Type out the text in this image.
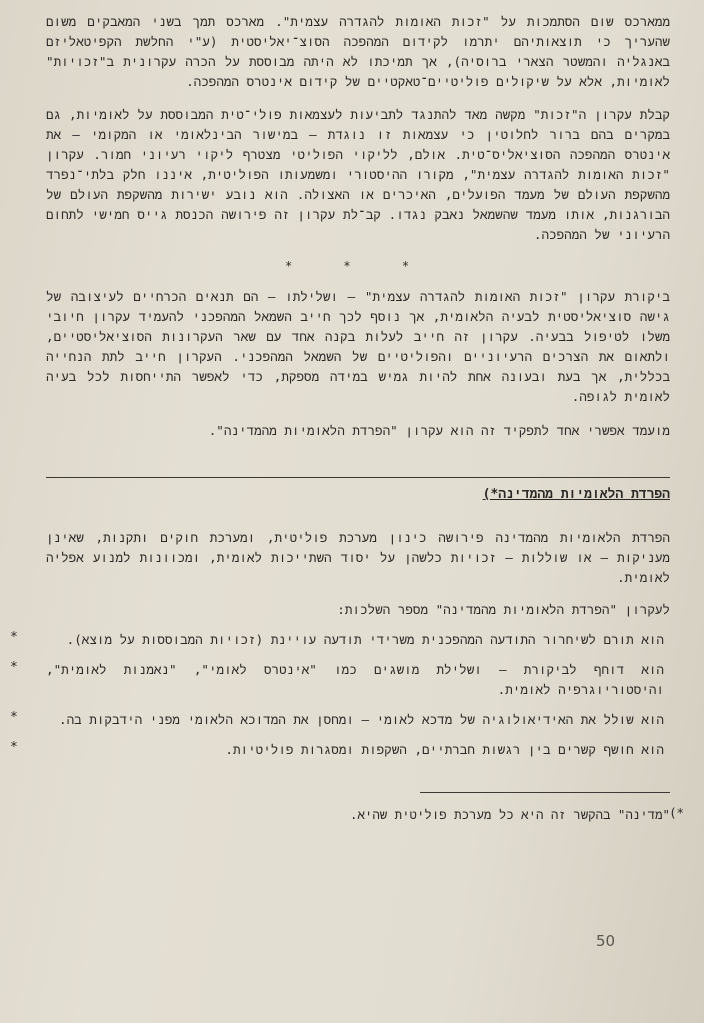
ממארכס שום הסתמכות על "זכות האומות להגדרה עצמית". מארכס תמך בשני המאבקים משום שהעריך כי תוצאותיהם יתרמו לקידום המהפכה הסוצ־יאליסטית (ע"י החלשת הקפיטאליזם באנגליה והמשטר הצארי ברוסיה), אך תמיכתו לא היתה מבוססת על הכרה עקרונית ב"זכויות" לאומיות, אלא על שיקולים פוליטיים־טאקטיים של קידום אינטרס המהפכה.

קבלת עקרון ה"זכות" מקשה מאד להתנגד לתביעות לעצמאות פולי־טית המבוססת על לאומיות, גם במקרים בהם ברור לחלוטין כי עצמאות זו נוגדת – במישור הבינלאומי או המקומי – את אינטרס המהפכה הסוציאליס־טית. אולם, לליקוי הפוליטי מצטרף ליקוי רעיוני חמור. עקרון "זכות האומות להגדרה עצמית", מקורו ההיסטורי ומשמעותו הפוליטית, איננו חלק בלתי־נפרד מהשקפת העולם של מעמד הפועלים, האיכרים או האצולה. הוא נובע ישירות מהשקפת העולם של הבורגנות, אותו מעמד שהשמאל נאבק נגדו. קב־לת עקרון זה פירושה הכנסת גייס חמישי לתחום הרעיוני של המהפכה.

* * *

ביקורת עקרון "זכות האומות להגדרה עצמית" – ושלילתו – הם תנאים הכרחיים לעיצובה של גישה סוציאליסטית לבעיה הלאומית, אך נוסף לכך חייב השמאל המהפכני להעמיד עקרון חיובי משלו לטיפול בבעיה. עקרון זה חייב לעלות בקנה אחד עם שאר העקרונות הסוציאליסטיים, ולתאום את הצרכים הרעיוניים והפוליטיים של השמאל המהפכני. העקרון חייב לתת הנחייה בכללית, אך בעת ובעונה אחת להיות גמיש במידה מספקת, כדי לאפשר התייחסות לכל בעיה לאומית לגופה.

מועמד אפשרי אחד לתפקיד זה הוא עקרון "הפרדת הלאומיות מהמדינה".

הפרדת הלאומיות מהמדינה*)

הפרדת הלאומיות מהמדינה פירושה כינון מערכת פוליטית, ומערכת חוקים ותקנות, שאינן מעניקות – או שוללות – זכויות כלשהן על יסוד השתייכות לאומית, ומכוונות למנוע אפליה לאומית.

לעקרון "הפרדת הלאומיות מהמדינה" מספר השלכות:

*	הוא תורם לשיחרור התודעה המהפכנית משרידי תודעה עויינת (זכויות המבוססות על מוצא).

* הוא דוחף לביקורת – ושלילת מושגים כמו "אינטרס לאומי", "נאמנות לאומית", והיסטוריוגרפיה לאומית.

*	הוא שולל את האידיאולוגיה של מדכא לאומי – ומחסן את המדוכא הלאומי מפני הידבקות בה.

*	הוא חושף קשרים בין רגשות חברתיים, השקפות ומסגרות פוליטיות.

*)
"מדינה" בהקשר זה היא כל מערכת פוליטית שהיא.

50
